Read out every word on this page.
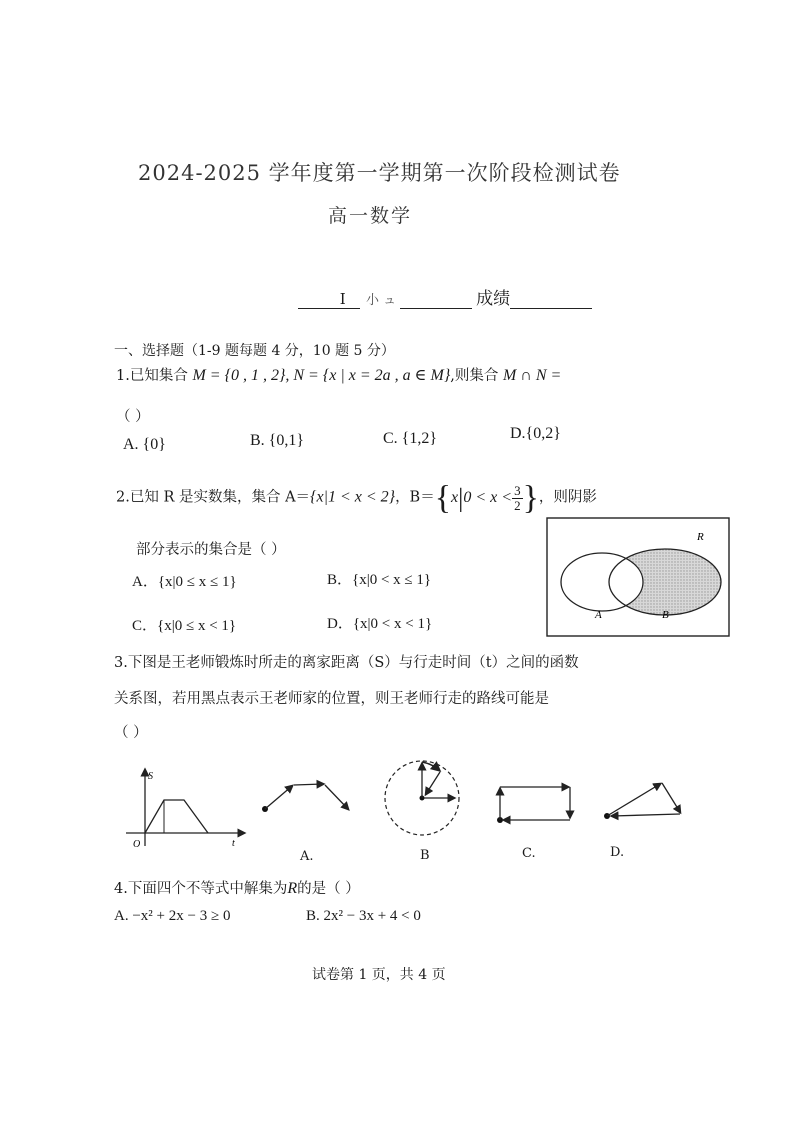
2024-2025 学年度第一学期第一次阶段检测试卷
高一数学
I 小 ュ	成绩
一、选择题（1-9 题每题 4 分，10 题 5 分）
1.已知集合 M = {0 , 1 , 2}, N = {x | x = 2a , a ∈ M},则集合 M ∩ N =
（ ）
A. {0}	B. {0,1}	C. {1,2}	D.{0,2}
2.已知 R 是实数集，集合 A＝{x|1 < x < 2}，$B=\{x|0 < x < \frac{3}{2}$ }，则阴影
部分表示的集合是（ ）
A．{x|0 ≤ x ≤ 1}	B．{x|0 < x ≤ 1}
C．{x|0 ≤ x < 1}	D．{x|0 < x < 1}
R
A	B
3.下图是王老师锻炼时所走的离家距离（S）与行走时间（t）之间的函数
关系图，若用黑点表示王老师家的位置，则王老师行走的路线可能是
（ ）
S
t
O
A.	B	C.	D.
4.下面四个不等式中解集为R的是（ ）
A. −x² + 2x − 3 ≥ 0	B. 2x² − 3x + 4 < 0
试卷第 1 页，共 4 页
